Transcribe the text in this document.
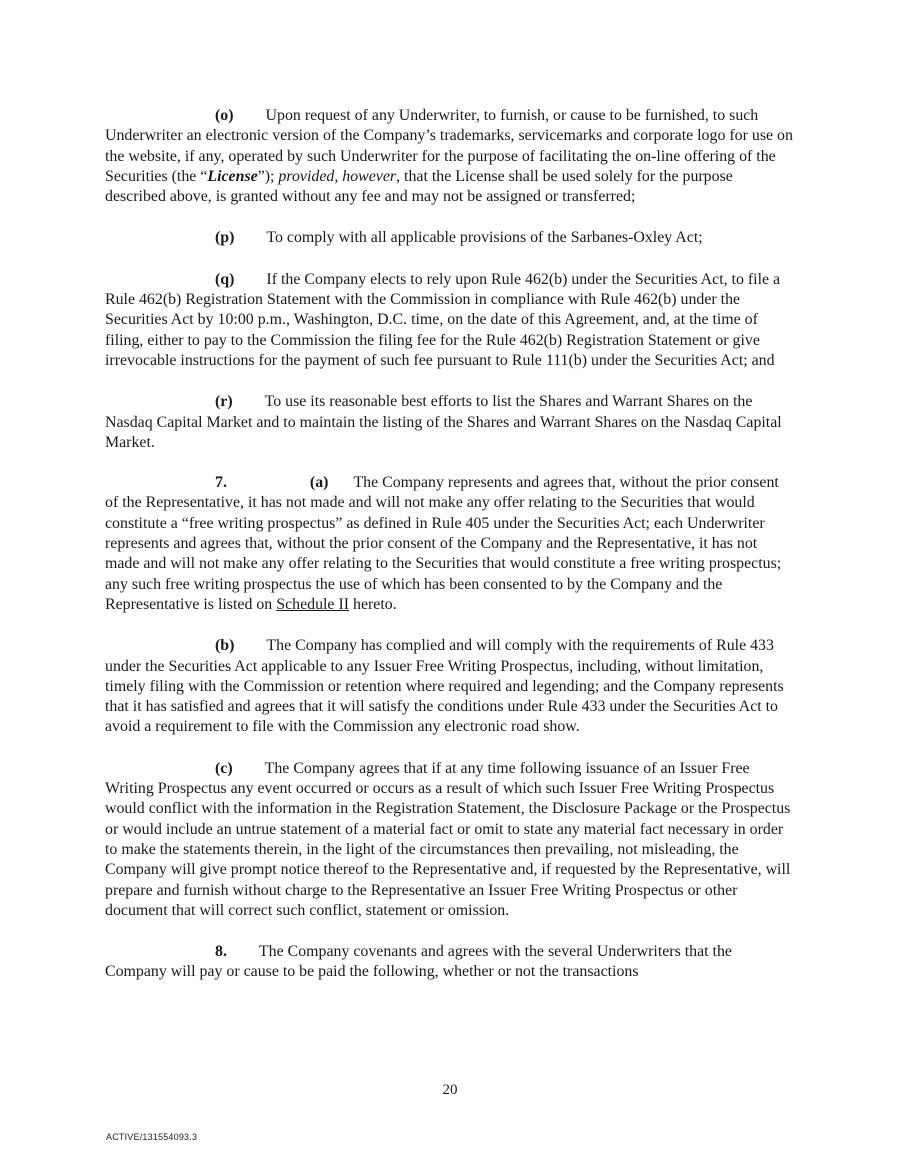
(o) Upon request of any Underwriter, to furnish, or cause to be furnished, to such Underwriter an electronic version of the Company’s trademarks, servicemarks and corporate logo for use on the website, if any, operated by such Underwriter for the purpose of facilitating the on-line offering of the Securities (the “License”); provided, however, that the License shall be used solely for the purpose described above, is granted without any fee and may not be assigned or transferred;

(p) To comply with all applicable provisions of the Sarbanes-Oxley Act;

(q) If the Company elects to rely upon Rule 462(b) under the Securities Act, to file a Rule 462(b) Registration Statement with the Commission in compliance with Rule 462(b) under the Securities Act by 10:00 p.m., Washington, D.C. time, on the date of this Agreement, and, at the time of filing, either to pay to the Commission the filing fee for the Rule 462(b) Registration Statement or give irrevocable instructions for the payment of such fee pursuant to Rule 111(b) under the Securities Act; and

(r) To use its reasonable best efforts to list the Shares and Warrant Shares on the Nasdaq Capital Market and to maintain the listing of the Shares and Warrant Shares on the Nasdaq Capital Market.

7.	(a) The Company represents and agrees that, without the prior consent of the Representative, it has not made and will not make any offer relating to the Securities that would constitute a “free writing prospectus” as defined in Rule 405 under the Securities Act; each Underwriter represents and agrees that, without the prior consent of the Company and the Representative, it has not made and will not make any offer relating to the Securities that would constitute a free writing prospectus; any such free writing prospectus the use of which has been consented to by the Company and the Representative is listed on Schedule II hereto.

(b) The Company has complied and will comply with the requirements of Rule 433 under the Securities Act applicable to any Issuer Free Writing Prospectus, including, without limitation, timely filing with the Commission or retention where required and legending; and the Company represents that it has satisfied and agrees that it will satisfy the conditions under Rule 433 under the Securities Act to avoid a requirement to file with the Commission any electronic road show.

(c) The Company agrees that if at any time following issuance of an Issuer Free Writing Prospectus any event occurred or occurs as a result of which such Issuer Free Writing Prospectus would conflict with the information in the Registration Statement, the Disclosure Package or the Prospectus or would include an untrue statement of a material fact or omit to state any material fact necessary in order to make the statements therein, in the light of the circumstances then prevailing, not misleading, the Company will give prompt notice thereof to the Representative and, if requested by the Representative, will prepare and furnish without charge to the Representative an Issuer Free Writing Prospectus or other document that will correct such conflict, statement or omission.

8. The Company covenants and agrees with the several Underwriters that the Company will pay or cause to be paid the following, whether or not the transactions

20
ACTIVE/131554093.3
